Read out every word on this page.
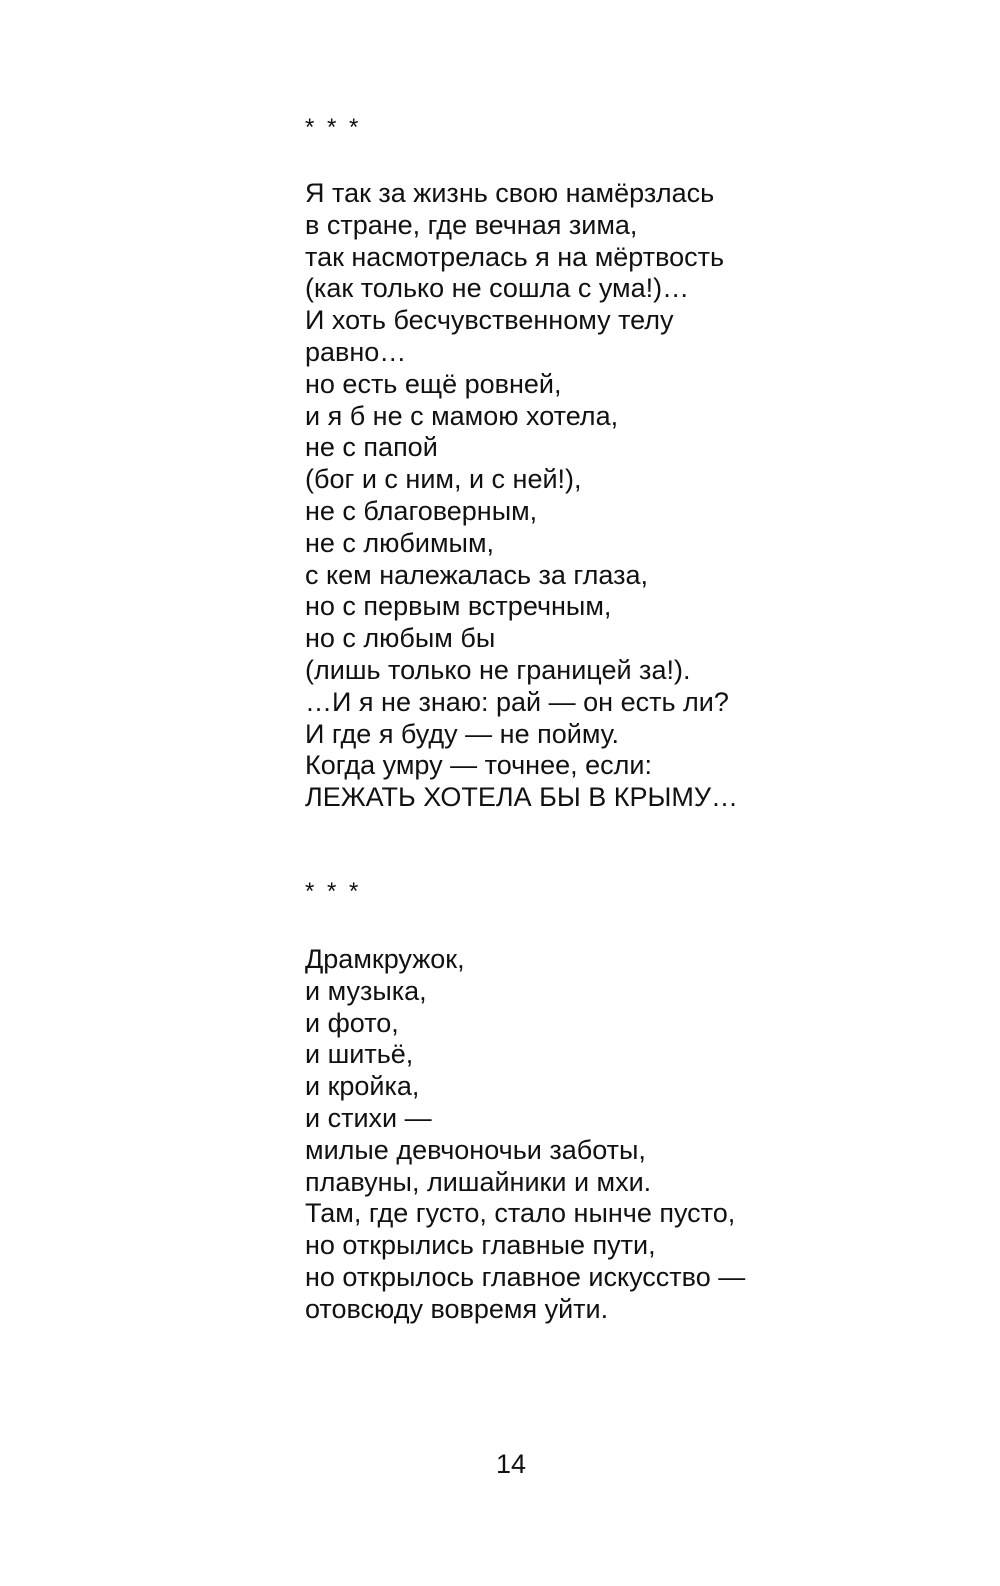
* * *
Я так за жизнь свою намёрзлась
в стране, где вечная зима,
так насмотрелась я на мёртвость
(как только не сошла с ума!)…
И хоть бесчувственному телу
равно…
но есть ещё ровней,
и я б не с мамою хотела,
не с папой
(бог и с ним, и с ней!),
не с благоверным,
не с любимым,
с кем належалась за глаза,
но с первым встречным,
но с любым бы
(лишь только не границей за!).
…И я не знаю: рай — он есть ли?
И где я буду — не пойму.
Когда умру — точнее, если:
ЛЕЖАТЬ ХОТЕЛА БЫ В КРЫМУ…
* * *
Драмкружок,
и музыка,
и фото,
и шитьё,
и кройка,
и стихи —
милые девчоночьи заботы,
плавуны, лишайники и мхи.
Там, где густо, стало нынче пусто,
но открылись главные пути,
но открылось главное искусство —
отовсюду вовремя уйти.
14
